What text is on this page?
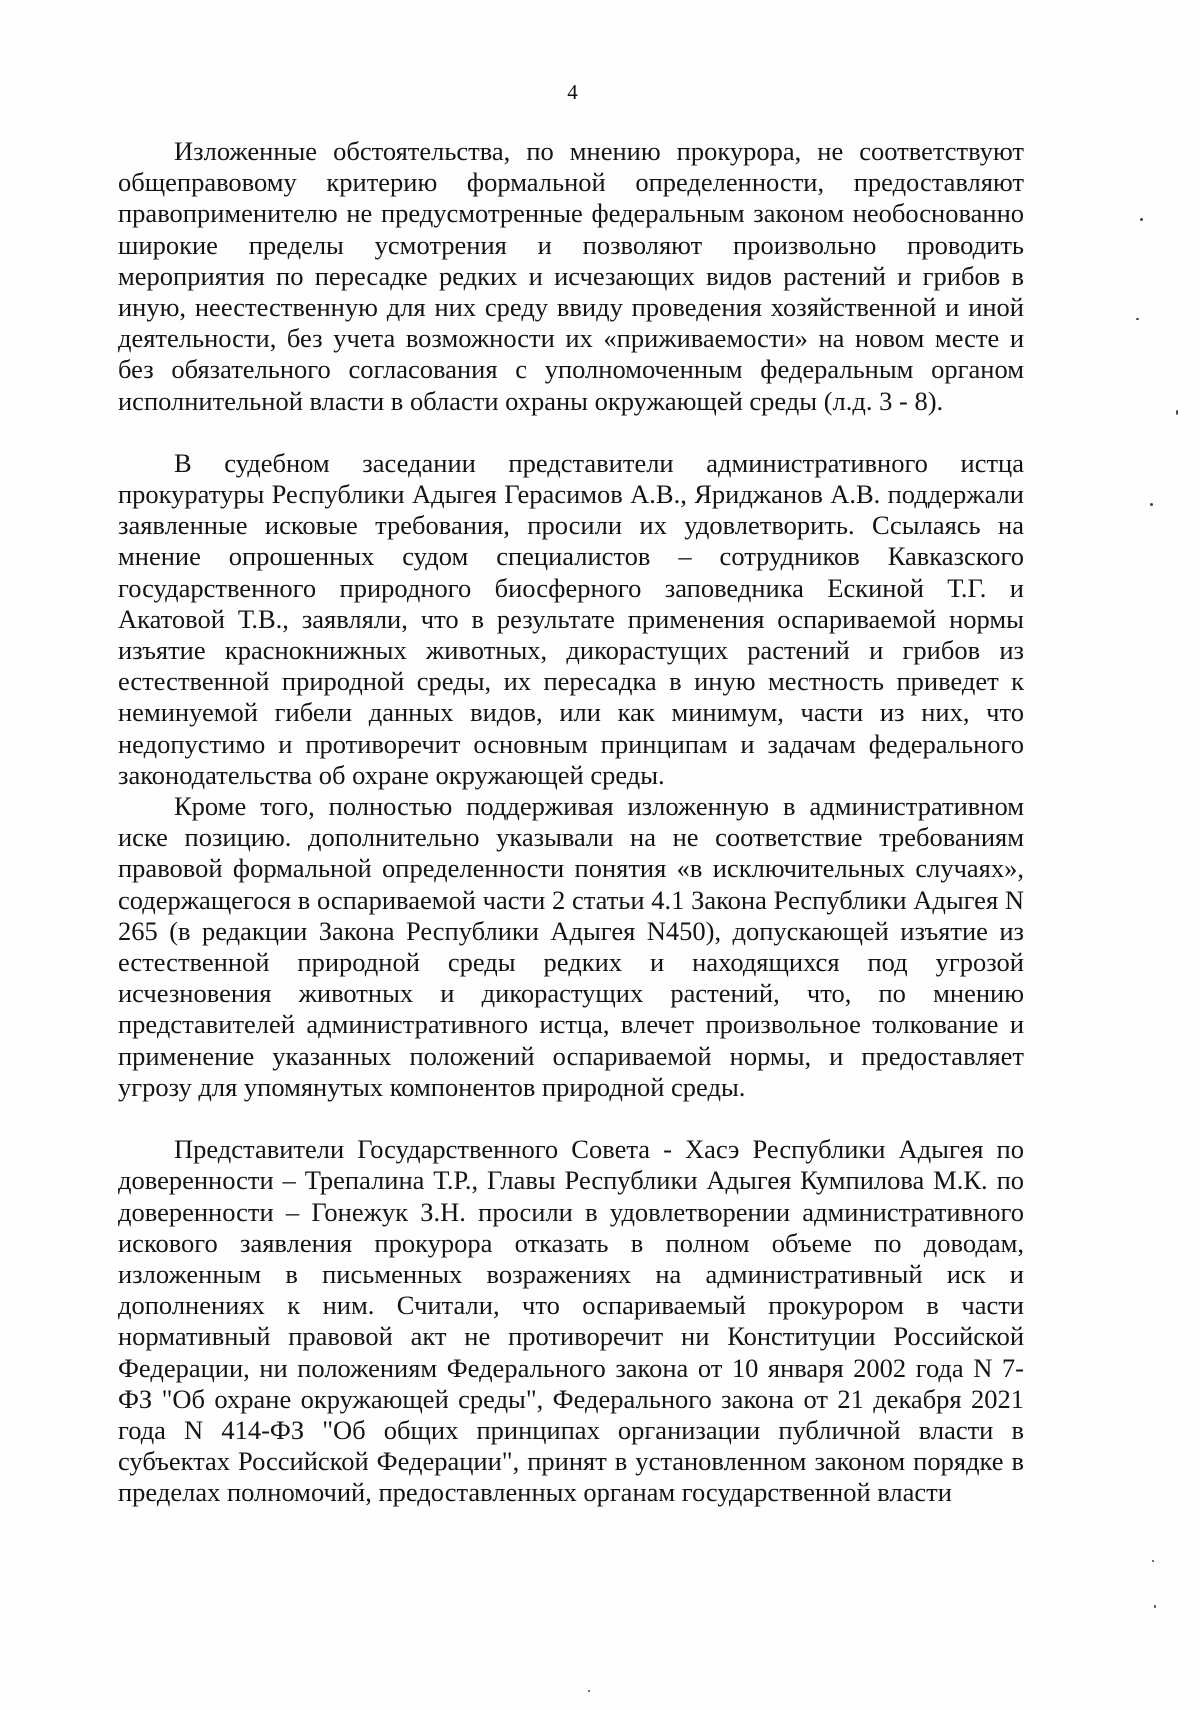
4

Изложенные обстоятельства, по мнению прокурора, не соответствуют общеправовому критерию формальной определенности, предоставляют правоприменителю не предусмотренные федеральным законом необоснованно широкие пределы усмотрения и позволяют произвольно проводить мероприятия по пересадке редких и исчезающих видов растений и грибов в иную, неестественную для них среду ввиду проведения хозяйственной и иной деятельности, без учета возможности их «приживаемости» на новом месте и без обязательного согласования с уполномоченным федеральным органом исполнительной власти в области охраны окружающей среды (л.д. 3 - 8).

В судебном заседании представители административного истца прокуратуры Республики Адыгея Герасимов А.В., Яриджанов А.В. поддержали заявленные исковые требования, просили их удовлетворить. Ссылаясь на мнение опрошенных судом специалистов – сотрудников Кавказского государственного природного биосферного заповедника Ескиной Т.Г. и Акатовой Т.В., заявляли, что в результате применения оспариваемой нормы изъятие краснокнижных животных, дикорастущих растений и грибов из естественной природной среды, их пересадка в иную местность приведет к неминуемой гибели данных видов, или как минимум, части из них, что недопустимо и противоречит основным принципам и задачам федерального законодательства об охране окружающей среды.

Кроме того, полностью поддерживая изложенную в административном иске позицию. дополнительно указывали на не соответствие требованиям правовой формальной определенности понятия «в исключительных случаях», содержащегося в оспариваемой части 2 статьи 4.1 Закона Республики Адыгея N 265 (в редакции Закона Республики Адыгея N450), допускающей изъятие из естественной природной среды редких и находящихся под угрозой исчезновения животных и дикорастущих растений, что, по мнению представителей административного истца, влечет произвольное толкование и применение указанных положений оспариваемой нормы, и предоставляет угрозу для упомянутых компонентов природной среды.

Представители Государственного Совета - Хасэ Республики Адыгея по доверенности – Трепалина Т.Р., Главы Республики Адыгея Кумпилова М.К. по доверенности – Гонежук З.Н. просили в удовлетворении административного искового заявления прокурора отказать в полном объеме по доводам, изложенным в письменных возражениях на административный иск и дополнениях к ним. Считали, что оспариваемый прокурором в части нормативный правовой акт не противоречит ни Конституции Российской Федерации, ни положениям Федерального закона от 10 января 2002 года N 7-ФЗ "Об охране окружающей среды", Федерального закона от 21 декабря 2021 года N 414-ФЗ "Об общих принципах организации публичной власти в субъектах Российской Федерации", принят в установленном законом порядке в пределах полномочий, предоставленных органам государственной власти
